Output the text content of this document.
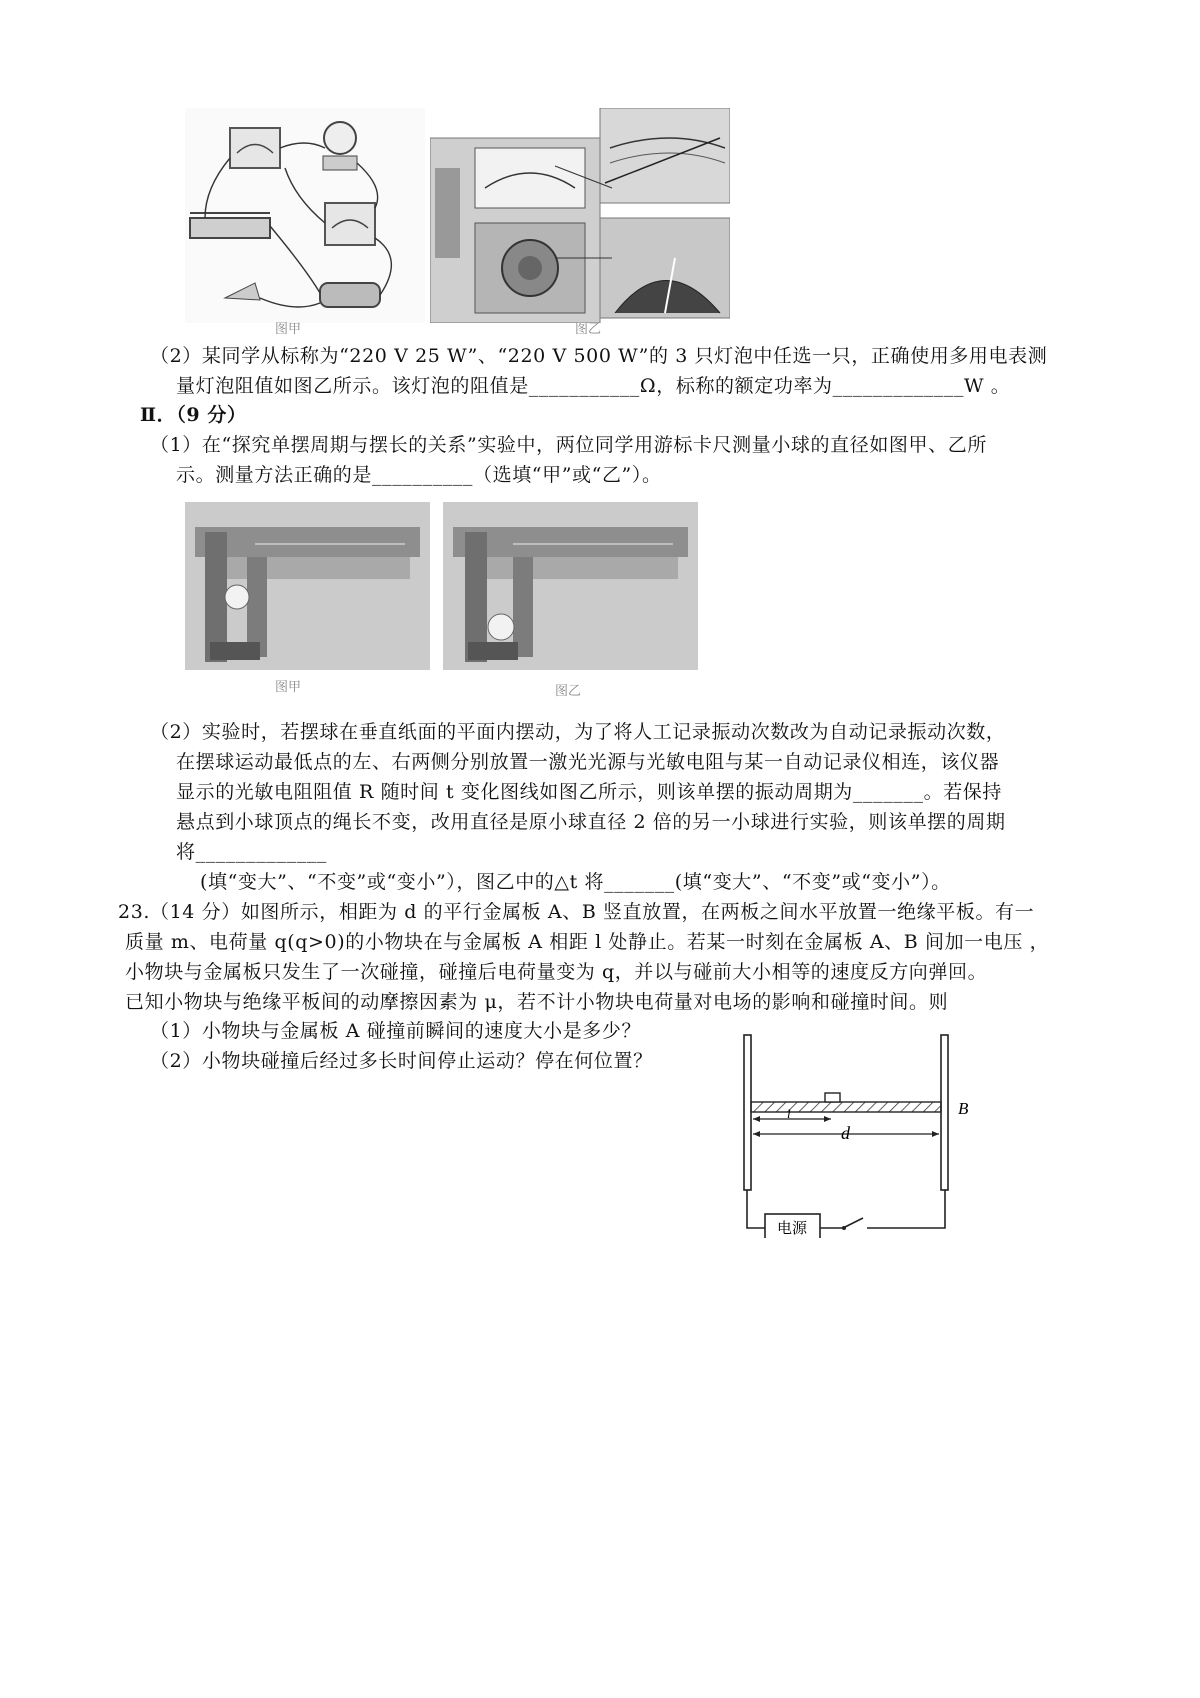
图甲	图乙
（2）某同学从标称为“220 V 25 W”、“220 V 500 W”的 3 只灯泡中任选一只，正确使用多用电表测
量灯泡阻值如图乙所示。该灯泡的阻值是___________Ω，标称的额定功率为_____________W 。
Ⅱ．（9 分）
（1）在“探究单摆周期与摆长的关系”实验中，两位同学用游标卡尺测量小球的直径如图甲、乙所
示。测量方法正确的是__________（选填“甲”或“乙”）。
图甲	图乙
（2）实验时，若摆球在垂直纸面的平面内摆动，为了将人工记录振动次数改为自动记录振动次数，
在摆球运动最低点的左、右两侧分别放置一激光光源与光敏电阻与某一自动记录仪相连，该仪器
显示的光敏电阻阻值 R 随时间 t 变化图线如图乙所示，则该单摆的振动周期为_______。若保持
悬点到小球顶点的绳长不变，改用直径是原小球直径 2 倍的另一小球进行实验，则该单摆的周期
将_____________
(填“变大”、“不变”或“变小”），图乙中的△t 将_______(填“变大”、“不变”或“变小”）。
23.（14 分）如图所示，相距为 d 的平行金属板 A、B 竖直放置，在两板之间水平放置一绝缘平板。有一
质量 m、电荷量 q(q>0)的小物块在与金属板 A 相距 l 处静止。若某一时刻在金属板 A、B 间加一电压 ，
小物块与金属板只发生了一次碰撞，碰撞后电荷量变为 q，并以与碰前大小相等的速度反方向弹回。
已知小物块与绝缘平板间的动摩擦因素为 μ，若不计小物块电荷量对电场的影响和碰撞时间。则
（1）小物块与金属板 A 碰撞前瞬间的速度大小是多少？
（2）小物块碰撞后经过多长时间停止运动？停在何位置？
B
l
d
电源
